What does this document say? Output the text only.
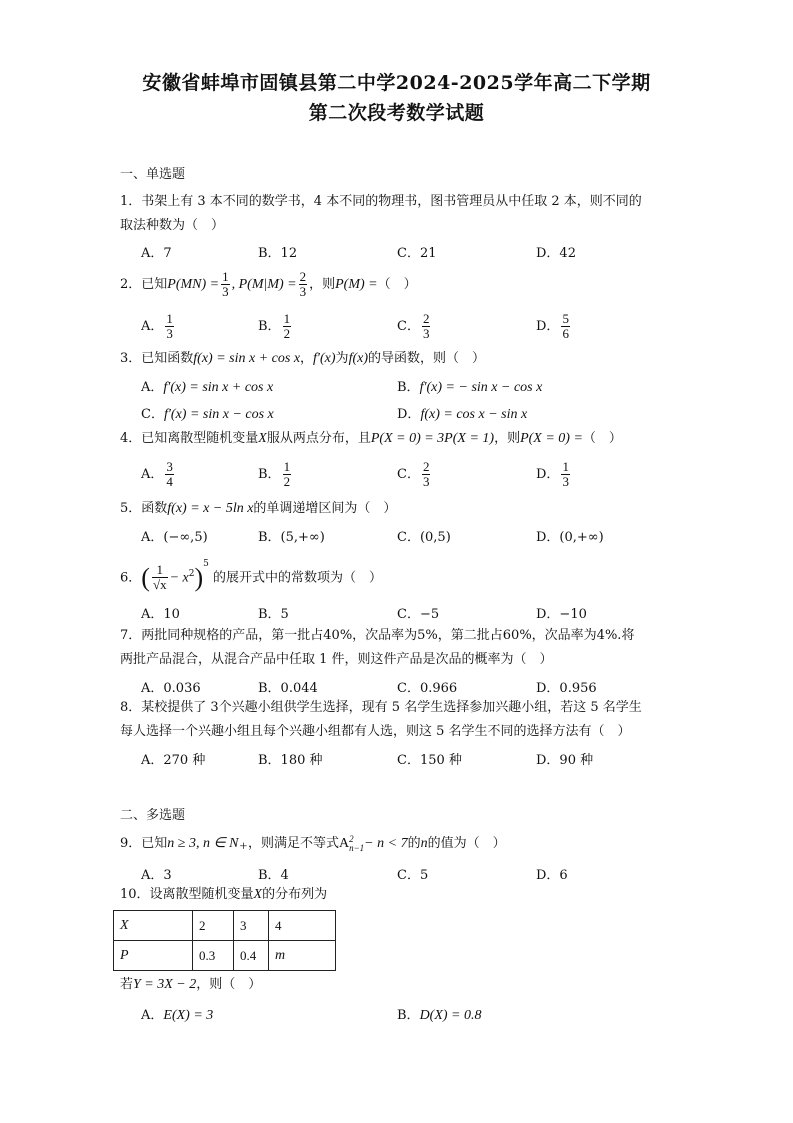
安徽省蚌埠市固镇县第二中学2024-2025学年高二下学期
第二次段考数学试题
一、单选题
1．书架上有 3 本不同的数学书，4 本不同的物理书，图书管理员从中任取 2 本，则不同的
取法种数为（　）
A．7	B．12	C．21	D．42
2．已知$P(MN) = \frac{1}{3}$ , $P(M|M) = \frac{2}{3}$ ，则P(M) =（　）
A． $\frac{1}{3}$	B． $\frac{1}{2}$	C． $\frac{2}{3}$	D． $\frac{5}{6}$
3．已知函数f(x) = sin x + cos x，f′(x)为f(x)的导函数，则（　）
A．f′(x) = sin x + cos x	B．f′(x) = − sin x − cos x
C．f′(x) = sin x − cos x	D．f(x) = cos x − sin x
4．已知离散型随机变量X服从两点分布，且P(X = 0) = 3P(X = 1)，则P(X = 0) =（　）
A． $\frac{3}{4}$	B． $\frac{1}{2}$	C． $\frac{2}{3}$	D． $\frac{1}{3}$
5．函数f(x) = x − 5ln x的单调递增区间为（　）
A．(−∞,5)	B．(5,+∞)	C．(0,5)	D．(0,+∞)
6．( $\frac{1}{√x} - x^2)^5$ 的展开式中的常数项为（　）
A．10	B．5	C．−5	D．−10
7．两批同种规格的产品，第一批占40%，次品率为5%，第二批占60%，次品率为4%.将
两批产品混合，从混合产品中任取 1 件，则这件产品是次品的概率为（　）
A．0.036	B．0.044	C．0.966	D．0.956
8．某校提供了 3个兴趣小组供学生选择，现有 5 名学生选择参加兴趣小组，若这 5 名学生
每人选择一个兴趣小组且每个兴趣小组都有人选，则这 5 名学生不同的选择方法有（　）
A．270 种	B．180 种	C．150 种	D．90 种
二、多选题
9．已知n ≥ 3, n ∈ $N_+$，则满足不等式A 2
n−1 − n < 7的n的值为（　）
A．3	B．4	C．5	D．6
10．设离散型随机变量X的分布列为
X	2	3	4
P	0.3	0.4	m
若Y = 3X − 2，则（　）
A．E(X) = 3	B．D(X) = 0.8
